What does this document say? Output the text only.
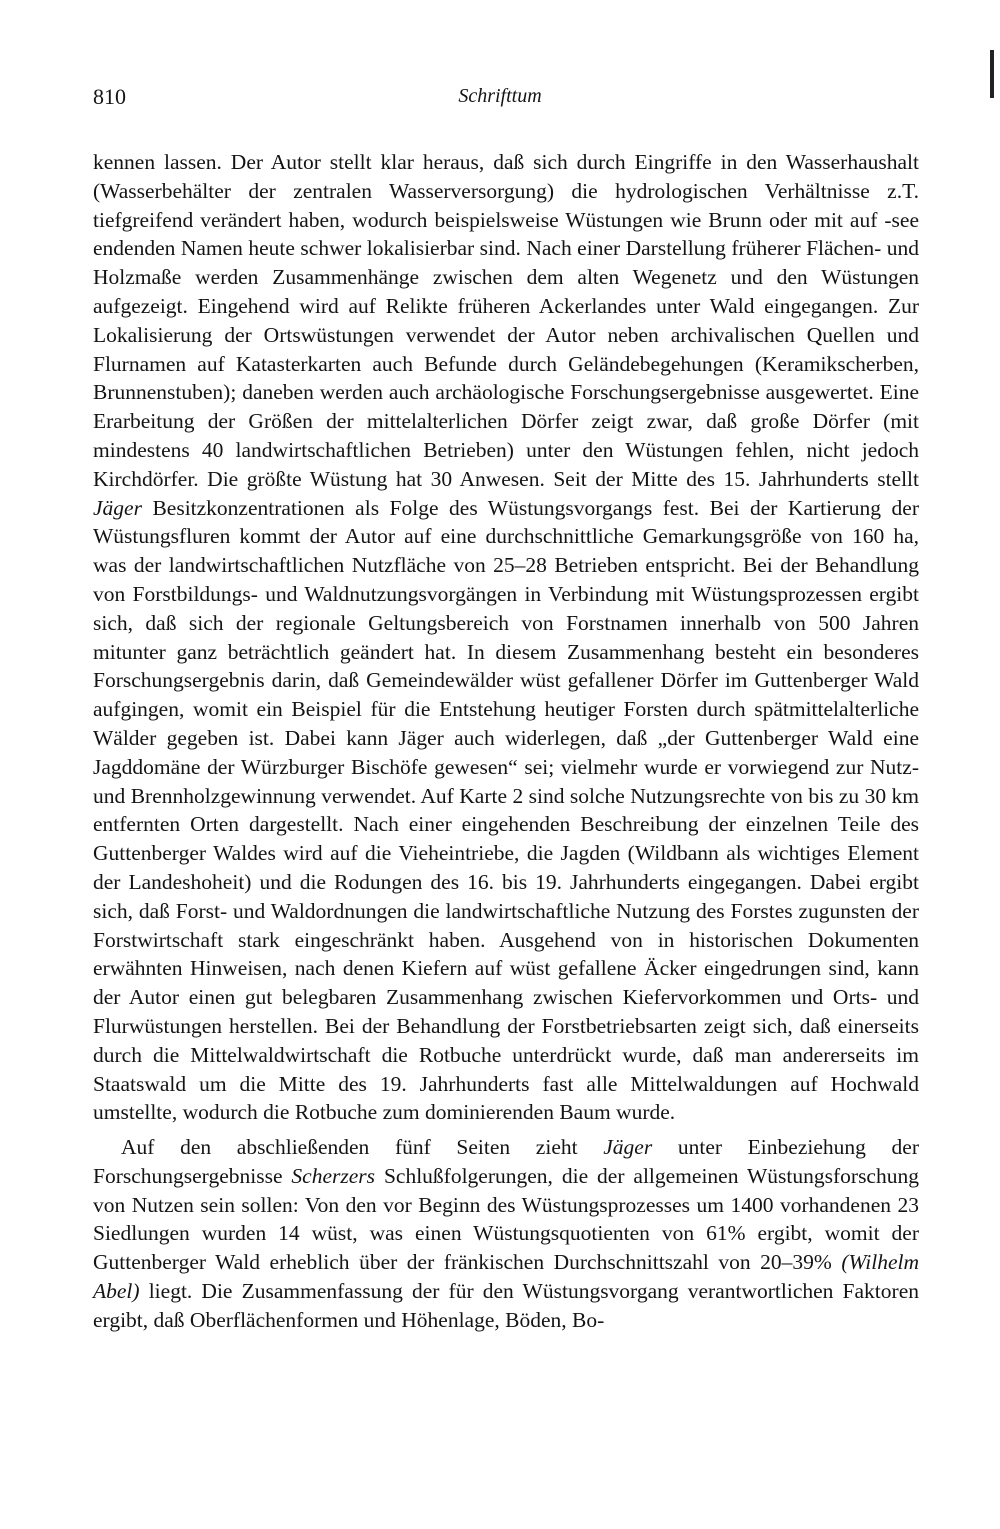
810	Schrifttum

kennen lassen. Der Autor stellt klar heraus, daß sich durch Eingriffe in den Wasserhaushalt (Wasserbehälter der zentralen Wasserversorgung) die hydrologischen Verhältnisse z.T. tiefgreifend verändert haben, wodurch beispielsweise Wüstungen wie Brunn oder mit auf -see endenden Namen heute schwer lokalisierbar sind. Nach einer Darstellung früherer Flächen- und Holzmaße werden Zusammenhänge zwischen dem alten Wegenetz und den Wüstungen aufgezeigt. Eingehend wird auf Relikte früheren Ackerlandes unter Wald eingegangen. Zur Lokalisierung der Ortswüstungen verwendet der Autor neben archivalischen Quellen und Flurnamen auf Katasterkarten auch Befunde durch Geländebegehungen (Keramikscherben, Brunnenstuben); daneben werden auch archäologische Forschungsergebnisse ausgewertet. Eine Erarbeitung der Größen der mittelalterlichen Dörfer zeigt zwar, daß große Dörfer (mit mindestens 40 landwirtschaftlichen Betrieben) unter den Wüstungen fehlen, nicht jedoch Kirchdörfer. Die größte Wüstung hat 30 Anwesen. Seit der Mitte des 15. Jahrhunderts stellt Jäger Besitzkonzentrationen als Folge des Wüstungsvorgangs fest. Bei der Kartierung der Wüstungsfluren kommt der Autor auf eine durchschnittliche Gemarkungsgröße von 160 ha, was der landwirtschaftlichen Nutzfläche von 25–28 Betrieben entspricht. Bei der Behandlung von Forstbildungs- und Waldnutzungsvorgängen in Verbindung mit Wüstungsprozessen ergibt sich, daß sich der regionale Geltungsbereich von Forstnamen innerhalb von 500 Jahren mitunter ganz beträchtlich geändert hat. In diesem Zusammenhang besteht ein besonderes Forschungsergebnis darin, daß Gemeindewälder wüst gefallener Dörfer im Guttenberger Wald aufgingen, womit ein Beispiel für die Entstehung heutiger Forsten durch spätmittelalterliche Wälder gegeben ist. Dabei kann Jäger auch widerlegen, daß „der Guttenberger Wald eine Jagddomäne der Würzburger Bischöfe gewesen“ sei; vielmehr wurde er vorwiegend zur Nutz- und Brennholzgewinnung verwendet. Auf Karte 2 sind solche Nutzungsrechte von bis zu 30 km entfernten Orten dargestellt. Nach einer eingehenden Beschreibung der einzelnen Teile des Guttenberger Waldes wird auf die Vieheintriebe, die Jagden (Wildbann als wichtiges Element der Landeshoheit) und die Rodungen des 16. bis 19. Jahrhunderts eingegangen. Dabei ergibt sich, daß Forst- und Waldordnungen die landwirtschaftliche Nutzung des Forstes zugunsten der Forstwirtschaft stark eingeschränkt haben. Ausgehend von in historischen Dokumenten erwähnten Hinweisen, nach denen Kiefern auf wüst gefallene Äcker eingedrungen sind, kann der Autor einen gut belegbaren Zusammenhang zwischen Kiefervorkommen und Orts- und Flurwüstungen herstellen. Bei der Behandlung der Forstbetriebsarten zeigt sich, daß einerseits durch die Mittelwaldwirtschaft die Rotbuche unterdrückt wurde, daß man andererseits im Staatswald um die Mitte des 19. Jahrhunderts fast alle Mittelwaldungen auf Hochwald umstellte, wodurch die Rotbuche zum dominierenden Baum wurde.

Auf den abschließenden fünf Seiten zieht Jäger unter Einbeziehung der Forschungsergebnisse Scherzers Schlußfolgerungen, die der allgemeinen Wüstungsforschung von Nutzen sein sollen: Von den vor Beginn des Wüstungsprozesses um 1400 vorhandenen 23 Siedlungen wurden 14 wüst, was einen Wüstungsquotienten von 61% ergibt, womit der Guttenberger Wald erheblich über der fränkischen Durchschnittszahl von 20–39% (Wilhelm Abel) liegt. Die Zusammenfassung der für den Wüstungsvorgang verantwortlichen Faktoren ergibt, daß Oberflächenformen und Höhenlage, Böden, Bo-
